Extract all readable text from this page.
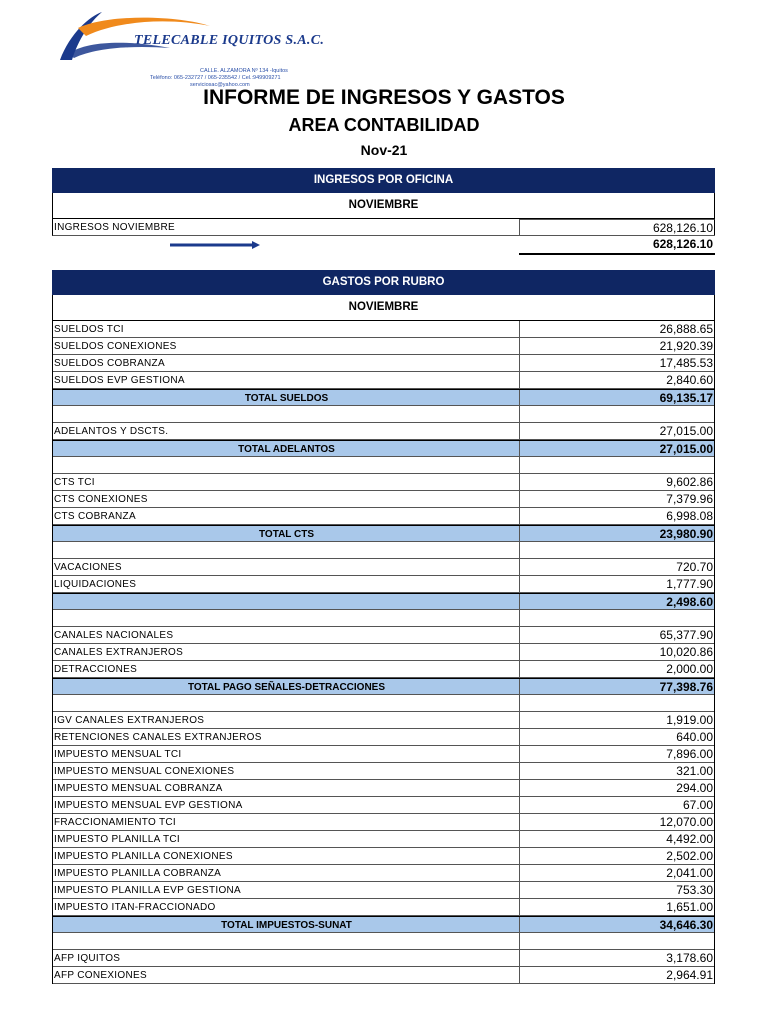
TELECABLE IQUITOS S.A.C.
CALLE. ALZAMORA Nº 134 -Iquitos
Teléfono: 065-232727 / 065-235542 / Cel.:949909271
serviciosac@yahoo.com
INFORME DE INGRESOS Y GASTOS
AREA CONTABILIDAD
Nov-21
INGRESOS POR OFICINA
NOVIEMBRE
INGRESOS NOVIEMBRE	628,126.10
628,126.10
GASTOS POR RUBRO
NOVIEMBRE
SUELDOS TCI	26,888.65
SUELDOS CONEXIONES	21,920.39
SUELDOS COBRANZA	17,485.53
SUELDOS EVP GESTIONA	2,840.60
TOTAL SUELDOS	69,135.17
ADELANTOS Y DSCTS.	27,015.00
TOTAL ADELANTOS	27,015.00
CTS TCI	9,602.86
CTS CONEXIONES	7,379.96
CTS COBRANZA	6,998.08
TOTAL CTS	23,980.90
VACACIONES	720.70
LIQUIDACIONES	1,777.90
2,498.60
CANALES NACIONALES	65,377.90
CANALES EXTRANJEROS	10,020.86
DETRACCIONES	2,000.00
TOTAL PAGO SEÑALES-DETRACCIONES	77,398.76
IGV CANALES EXTRANJEROS	1,919.00
RETENCIONES CANALES EXTRANJEROS	640.00
IMPUESTO MENSUAL TCI	7,896.00
IMPUESTO MENSUAL CONEXIONES	321.00
IMPUESTO MENSUAL COBRANZA	294.00
IMPUESTO MENSUAL EVP GESTIONA	67.00
FRACCIONAMIENTO TCI	12,070.00
IMPUESTO PLANILLA TCI	4,492.00
IMPUESTO PLANILLA CONEXIONES	2,502.00
IMPUESTO PLANILLA COBRANZA	2,041.00
IMPUESTO PLANILLA EVP GESTIONA	753.30
IMPUESTO ITAN-FRACCIONADO	1,651.00
TOTAL IMPUESTOS-SUNAT	34,646.30
AFP IQUITOS	3,178.60
AFP CONEXIONES	2,964.91
